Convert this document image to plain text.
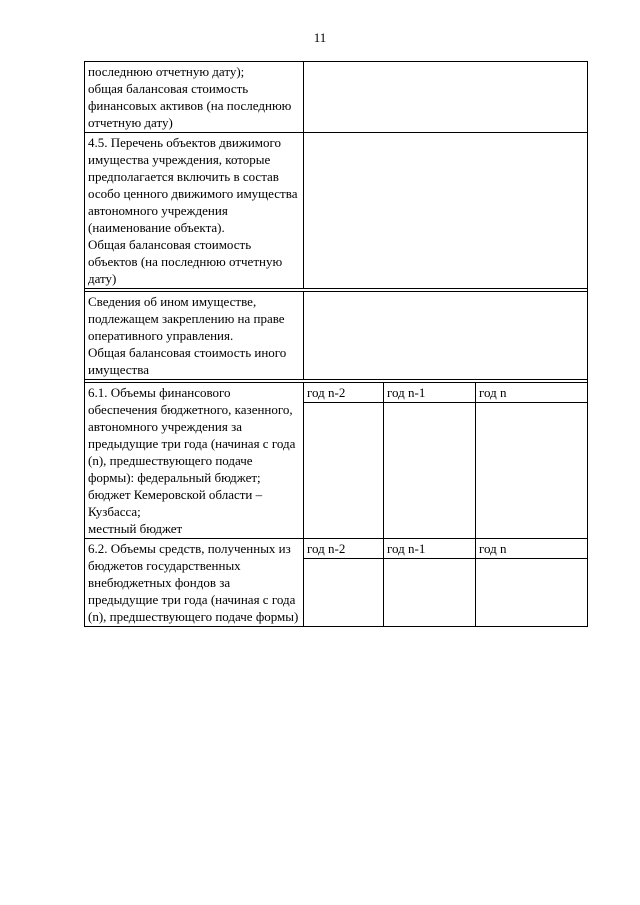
11
последнюю отчетную дату);
общая балансовая стоимость финансовых активов (на последнюю отчетную дату)			
4.5. Перечень объектов движимого имущества учреждения, которые предполагается включить в состав особо ценного движимого имущества автономного учреждения (наименование объекта).
Общая балансовая стоимость объектов (на последнюю отчетную дату)			

Сведения об ином имуществе, подлежащем закреплению на праве оперативного управления.
Общая балансовая стоимость иного имущества			

6.1. Объемы финансового обеспечения бюджетного, казенного, автономного учреждения за предыдущие три года (начиная с года (n), предшествующего подаче формы): федеральный бюджет;
бюджет Кемеровской области – Кузбасса;
местный бюджет	год n-2	год n-1	год n

6.2. Объемы средств, полученных из бюджетов государственных внебюджетных фондов за предыдущие три года (начиная с года (n), предшествующего подаче формы)	год n-2	год n-1	год n
